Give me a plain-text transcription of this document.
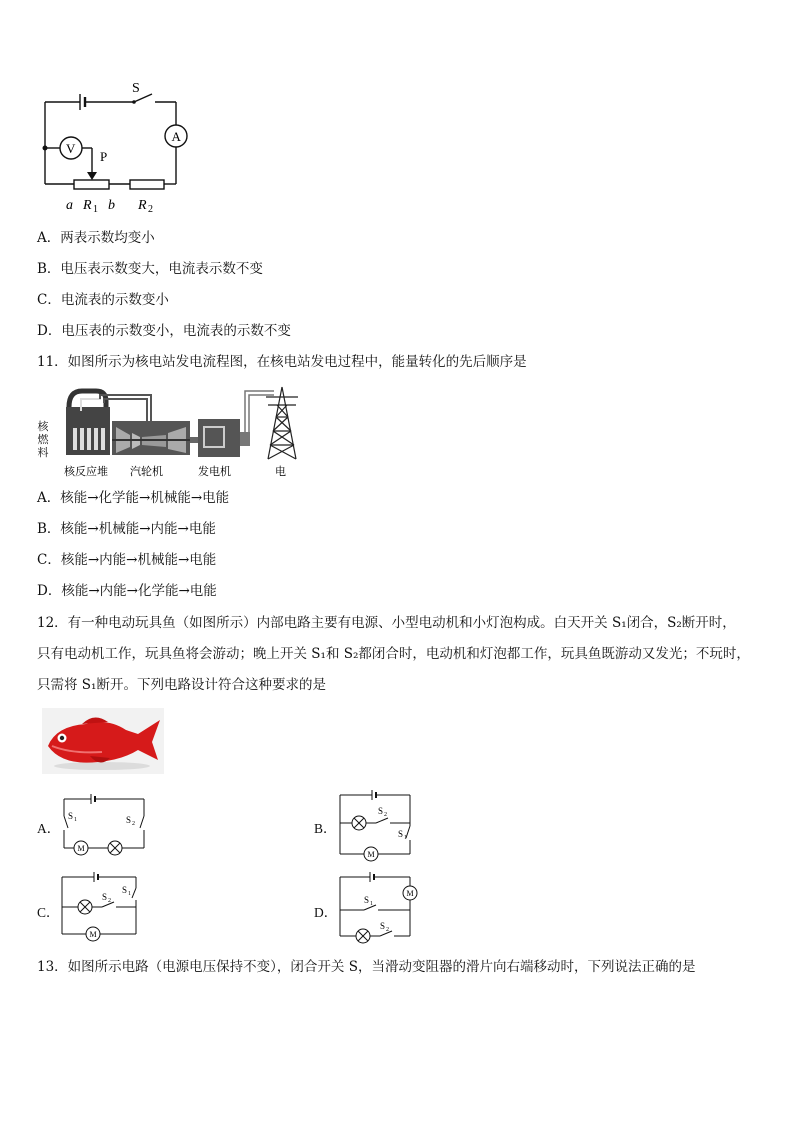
S
A
V
P
a R 1 b R 2
A．两表示数均变小
B．电压表示数变大，电流表示数不变
C．电流表的示数变小
D．电压表的示数变小，电流表的示数不变
11．如图所示为核电站发电流程图，在核电站发电过程中，能量转化的先后顺序是
核
燃
料
核反应堆 汽轮机	发电机	电
A．核能→化学能→机械能→电能
B．核能→机械能→内能→电能
C．核能→内能→机械能→电能
D．核能→内能→化学能→电能
12．有一种电动玩具鱼（如图所示）内部电路主要有电源、小型电动机和小灯泡构成。白天开关 S₁闭合，S₂断开时，
只有电动机工作，玩具鱼将会游动；晚上开关 S₁和 S₂都闭合时，电动机和灯泡都工作，玩具鱼既游动又发光；不玩时，
只需将 S₁断开。下列电路设计符合这种要求的是
A．
S 1	S 2
M
B．
S 2
S 1
M
C．
S 1
S 2
M
D．
M
S 1
S 2
13．如图所示电路（电源电压保持不变），闭合开关 S，当滑动变阻器的滑片向右端移动时，下列说法正确的是
